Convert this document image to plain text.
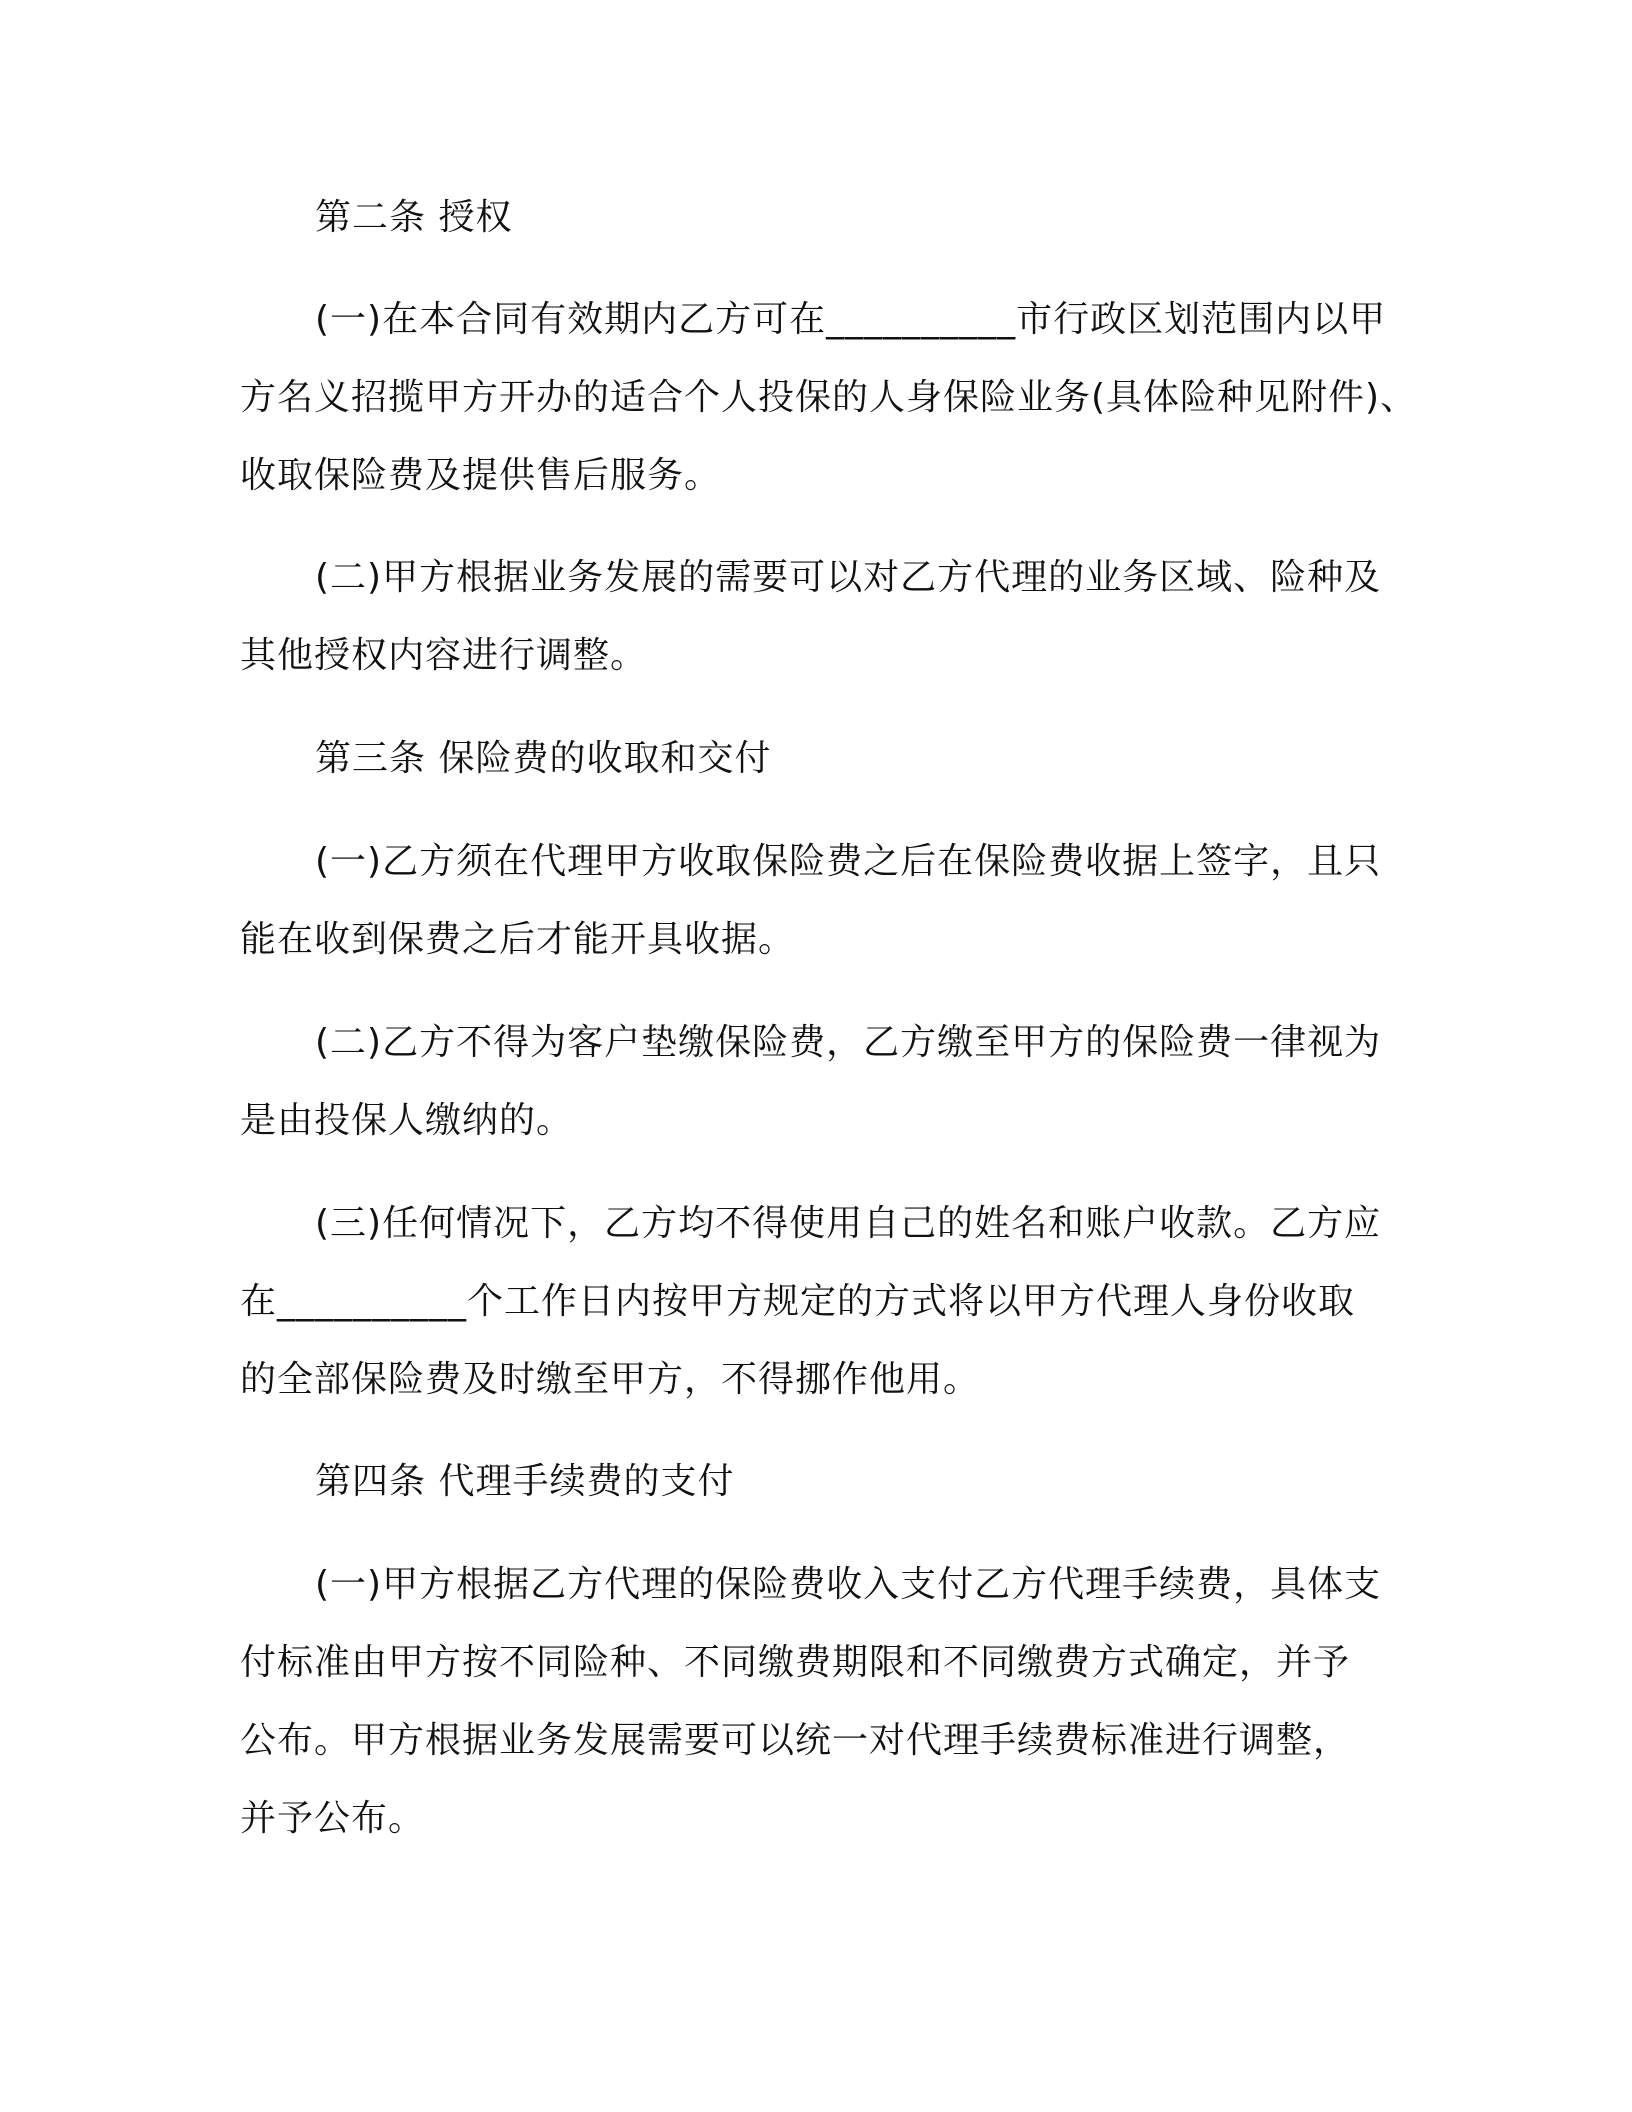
第二条 授权
(一)在本合同有效期内乙方可在__________市行政区划范围内以甲
方名义招揽甲方开办的适合个人投保的人身保险业务(具体险种见附件)、
收取保险费及提供售后服务。
(二)甲方根据业务发展的需要可以对乙方代理的业务区域、险种及
其他授权内容进行调整。
第三条 保险费的收取和交付
(一)乙方须在代理甲方收取保险费之后在保险费收据上签字，且只
能在收到保费之后才能开具收据。
(二)乙方不得为客户垫缴保险费，乙方缴至甲方的保险费一律视为
是由投保人缴纳的。
(三)任何情况下，乙方均不得使用自己的姓名和账户收款。乙方应
在__________个工作日内按甲方规定的方式将以甲方代理人身份收取
的全部保险费及时缴至甲方，不得挪作他用。
第四条 代理手续费的支付
(一)甲方根据乙方代理的保险费收入支付乙方代理手续费，具体支
付标准由甲方按不同险种、不同缴费期限和不同缴费方式确定，并予
公布。甲方根据业务发展需要可以统一对代理手续费标准进行调整，
并予公布。
